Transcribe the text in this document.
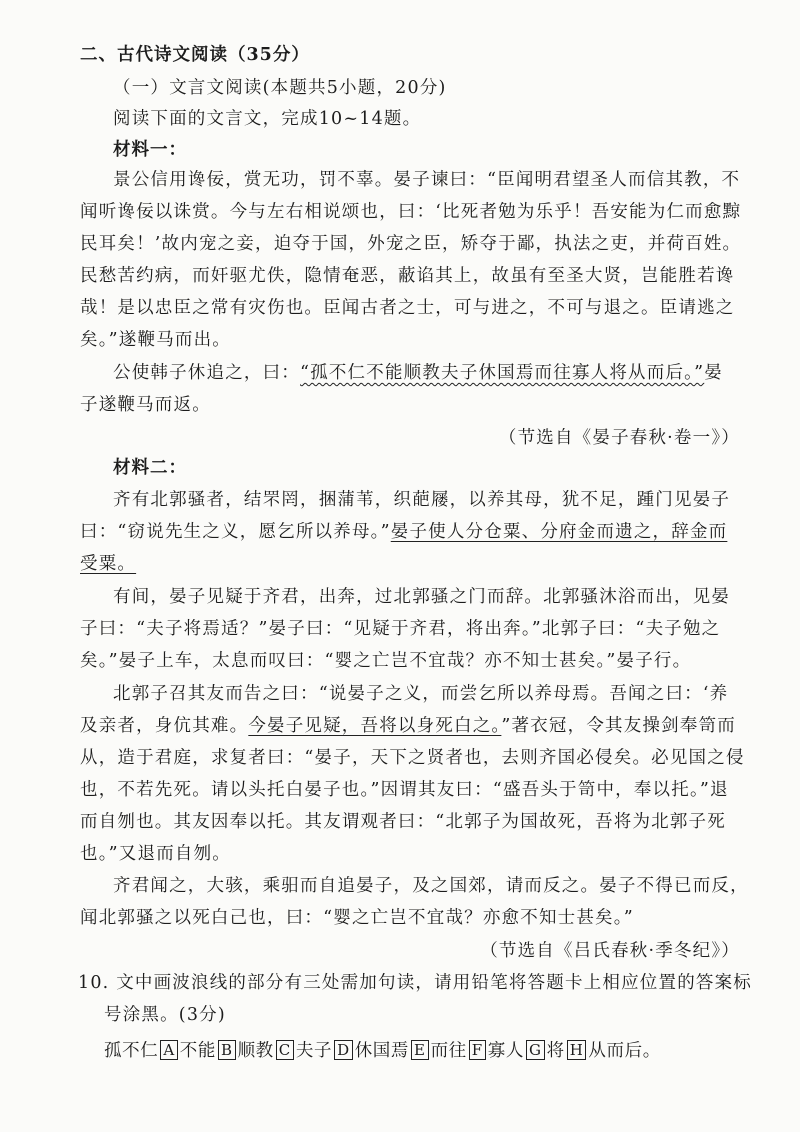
二、古代诗文阅读（35分）
（一）文言文阅读(本题共5小题，20分)
阅读下面的文言文，完成10~14题。
材料一：
景公信用谗佞，赏无功，罚不辜。晏子谏曰：“臣闻明君望圣人而信其教，不
闻听谗佞以诛赏。今与左右相说颂也，曰：‘比死者勉为乐乎！吾安能为仁而愈黥
民耳矣！’故内宠之妾，迫夺于国，外宠之臣，矫夺于鄙，执法之吏，并荷百姓。
民愁苦约病，而奸驱尤佚，隐情奄恶，蔽谄其上，故虽有至圣大贤，岂能胜若谗
哉！是以忠臣之常有灾伤也。臣闻古者之士，可与进之，不可与退之。臣请逃之
矣。”遂鞭马而出。
公使韩子休追之，曰：“孤不仁不能顺教夫子休国焉而往寡人将从而后。”晏
子遂鞭马而返。
（节选自《晏子春秋·卷一》）
材料二：
齐有北郭骚者，结罘罔，捆蒲苇，织葩屦，以养其母，犹不足，踵门见晏子
曰：“窃说先生之义，愿乞所以养母。”晏子使人分仓粟、分府金而遗之，辞金而
受粟。
有间，晏子见疑于齐君，出奔，过北郭骚之门而辞。北郭骚沐浴而出，见晏
子曰：“夫子将焉适？”晏子曰：“见疑于齐君，将出奔。”北郭子曰：“夫子勉之
矣。”晏子上车，太息而叹曰：“婴之亡岂不宜哉？亦不知士甚矣。”晏子行。
北郭子召其友而告之曰：“说晏子之义，而尝乞所以养母焉。吾闻之曰：‘养
及亲者，身伉其难。今晏子见疑，吾将以身死白之。”著衣冠，令其友操剑奉笥而
从，造于君庭，求复者曰：“晏子，天下之贤者也，去则齐国必侵矣。必见国之侵
也，不若先死。请以头托白晏子也。”因谓其友曰：“盛吾头于笥中，奉以托。”退
而自刎也。其友因奉以托。其友谓观者曰：“北郭子为国故死，吾将为北郭子死
也。”又退而自刎。
齐君闻之，大骇，乘驲而自追晏子，及之国郊，请而反之。晏子不得已而反，
闻北郭骚之以死白己也，曰：“婴之亡岂不宜哉？亦愈不知士甚矣。”
（节选自《吕氏春秋·季冬纪》）
10. 文中画波浪线的部分有三处需加句读，请用铅笔将答题卡上相应位置的答案标
号涂黑。(3分)
孤不仁 A 不能 B 顺教 C 夫子 D 休国焉 E 而往 F 寡人 G 将 H 从而后。
